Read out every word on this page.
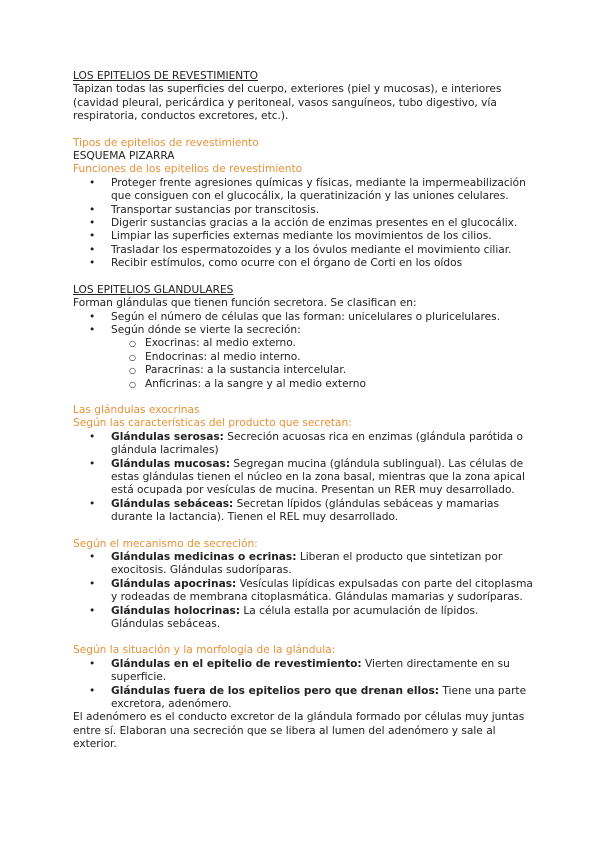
LOS EPITELIOS DE REVESTIMIENTO

Tapizan todas las superficies del cuerpo, exteriores (piel y mucosas), e interiores (cavidad pleural, pericárdica y peritoneal, vasos sanguíneos, tubo digestivo, vía respiratoria, conductos excretores, etc.).

Tipos de epitelios de revestimiento

ESQUEMA PIZARRA

Funciones de los epitelios de revestimiento

• Proteger frente agresiones químicas y físicas, mediante la impermeabilización que consiguen con el glucocálix, la queratinización y las uniones celulares.
• Transportar sustancias por transcitosis.
• Digerir sustancias gracias a la acción de enzimas presentes en el glucocálix.
• Limpiar las superficies externas mediante los movimientos de los cilios.
• Trasladar los espermatozoides y a los óvulos mediante el movimiento ciliar.
• Recibir estímulos, como ocurre con el órgano de Corti en los oídos

LOS EPITELIOS GLANDULARES

Forman glándulas que tienen función secretora. Se clasifican en:

• Según el número de células que las forman: unicelulares o pluricelulares.
• Según dónde se vierte la secreción:
○ Exocrinas: al medio externo.
○ Endocrinas: al medio interno.
○ Paracrinas: a la sustancia intercelular.
○ Anficrinas: a la sangre y al medio externo

Las glándulas exocrinas

Según las características del producto que secretan:

• Glándulas serosas: Secreción acuosas rica en enzimas (glándula parótida o glándula lacrimales)
• Glándulas mucosas: Segregan mucina (glándula sublingual). Las células de estas glándulas tienen el núcleo en la zona basal, mientras que la zona apical está ocupada por vesículas de mucina. Presentan un RER muy desarrollado.
• Glándulas sebáceas: Secretan lípidos (glándulas sebáceas y mamarias durante la lactancia). Tienen el REL muy desarrollado.

Según el mecanismo de secreción:

• Glándulas medicinas o ecrinas: Liberan el producto que sintetizan por exocitosis. Glándulas sudoríparas.
• Glándulas apocrinas: Vesículas lipídicas expulsadas con parte del citoplasma y rodeadas de membrana citoplasmática. Glándulas mamarias y sudoríparas.
• Glándulas holocrinas: La célula estalla por acumulación de lípidos. Glándulas sebáceas.

Según la situación y la morfología de la glándula:

• Glándulas en el epitelio de revestimiento: Vierten directamente en su superficie.
• Glándulas fuera de los epitelios pero que drenan ellos: Tiene una parte excretora, adenómero.

El adenómero es el conducto excretor de la glándula formado por células muy juntas entre sí. Elaboran una secreción que se libera al lumen del adenómero y sale al exterior.
